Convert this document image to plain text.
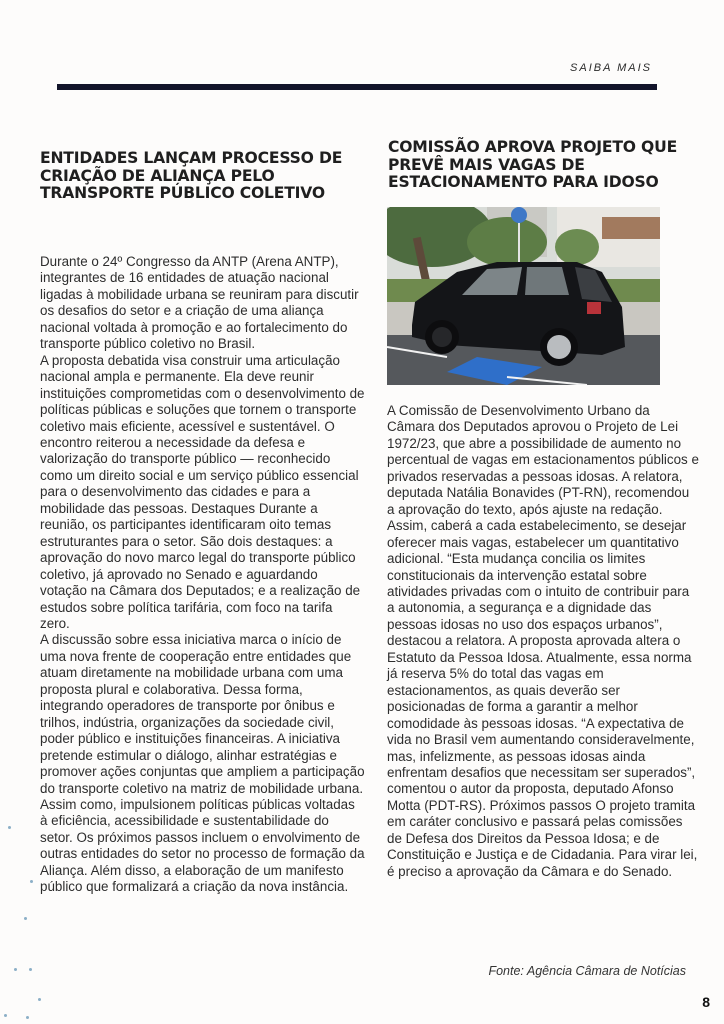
SAIBA MAIS
ENTIDADES LANÇAM PROCESSO DE CRIAÇÃO DE ALIANÇA PELO TRANSPORTE PÚBLICO COLETIVO

Durante o 24º Congresso da ANTP (Arena ANTP), integrantes de 16 entidades de atuação nacional ligadas à mobilidade urbana se reuniram para discutir os desafios do setor e a criação de uma aliança nacional voltada à promoção e ao fortalecimento do transporte público coletivo no Brasil.

A proposta debatida visa construir uma articulação nacional ampla e permanente. Ela deve reunir instituições comprometidas com o desenvolvimento de políticas públicas e soluções que tornem o transporte coletivo mais eficiente, acessível e sustentável. O encontro reiterou a necessidade da defesa e valorização do transporte público — reconhecido como um direito social e um serviço público essencial para o desenvolvimento das cidades e para a mobilidade das pessoas. Destaques Durante a reunião, os participantes identificaram oito temas estruturantes para o setor. São dois destaques: a aprovação do novo marco legal do transporte público coletivo, já aprovado no Senado e aguardando votação na Câmara dos Deputados; e a realização de estudos sobre política tarifária, com foco na tarifa zero.

A discussão sobre essa iniciativa marca o início de uma nova frente de cooperação entre entidades que atuam diretamente na mobilidade urbana com uma proposta plural e colaborativa. Dessa forma, integrando operadores de transporte por ônibus e trilhos, indústria, organizações da sociedade civil, poder público e instituições financeiras. A iniciativa pretende estimular o diálogo, alinhar estratégias e promover ações conjuntas que ampliem a participação do transporte coletivo na matriz de mobilidade urbana. Assim como, impulsionem políticas públicas voltadas à eficiência, acessibilidade e sustentabilidade do setor. Os próximos passos incluem o envolvimento de outras entidades do setor no processo de formação da Aliança. Além disso, a elaboração de um manifesto público que formalizará a criação da nova instância.

COMISSÃO APROVA PROJETO QUE PREVÊ MAIS VAGAS DE ESTACIONAMENTO PARA IDOSO

A Comissão de Desenvolvimento Urbano da Câmara dos Deputados aprovou o Projeto de Lei 1972/23, que abre a possibilidade de aumento no percentual de vagas em estacionamentos públicos e privados reservadas a pessoas idosas. A relatora, deputada Natália Bonavides (PT-RN), recomendou a aprovação do texto, após ajuste na redação. Assim, caberá a cada estabelecimento, se desejar oferecer mais vagas, estabelecer um quantitativo adicional. “Esta mudança concilia os limites constitucionais da intervenção estatal sobre atividades privadas com o intuito de contribuir para a autonomia, a segurança e a dignidade das pessoas idosas no uso dos espaços urbanos”, destacou a relatora. A proposta aprovada altera o Estatuto da Pessoa Idosa. Atualmente, essa norma já reserva 5% do total das vagas em estacionamentos, as quais deverão ser posicionadas de forma a garantir a melhor comodidade às pessoas idosas. “A expectativa de vida no Brasil vem aumentando consideravelmente, mas, infelizmente, as pessoas idosas ainda enfrentam desafios que necessitam ser superados”, comentou o autor da proposta, deputado Afonso Motta (PDT-RS). Próximos passos O projeto tramita em caráter conclusivo e passará pelas comissões de Defesa dos Direitos da Pessoa Idosa; e de Constituição e Justiça e de Cidadania. Para virar lei, é preciso a aprovação da Câmara e do Senado.

Fonte: Agência Câmara de Notícias
8
